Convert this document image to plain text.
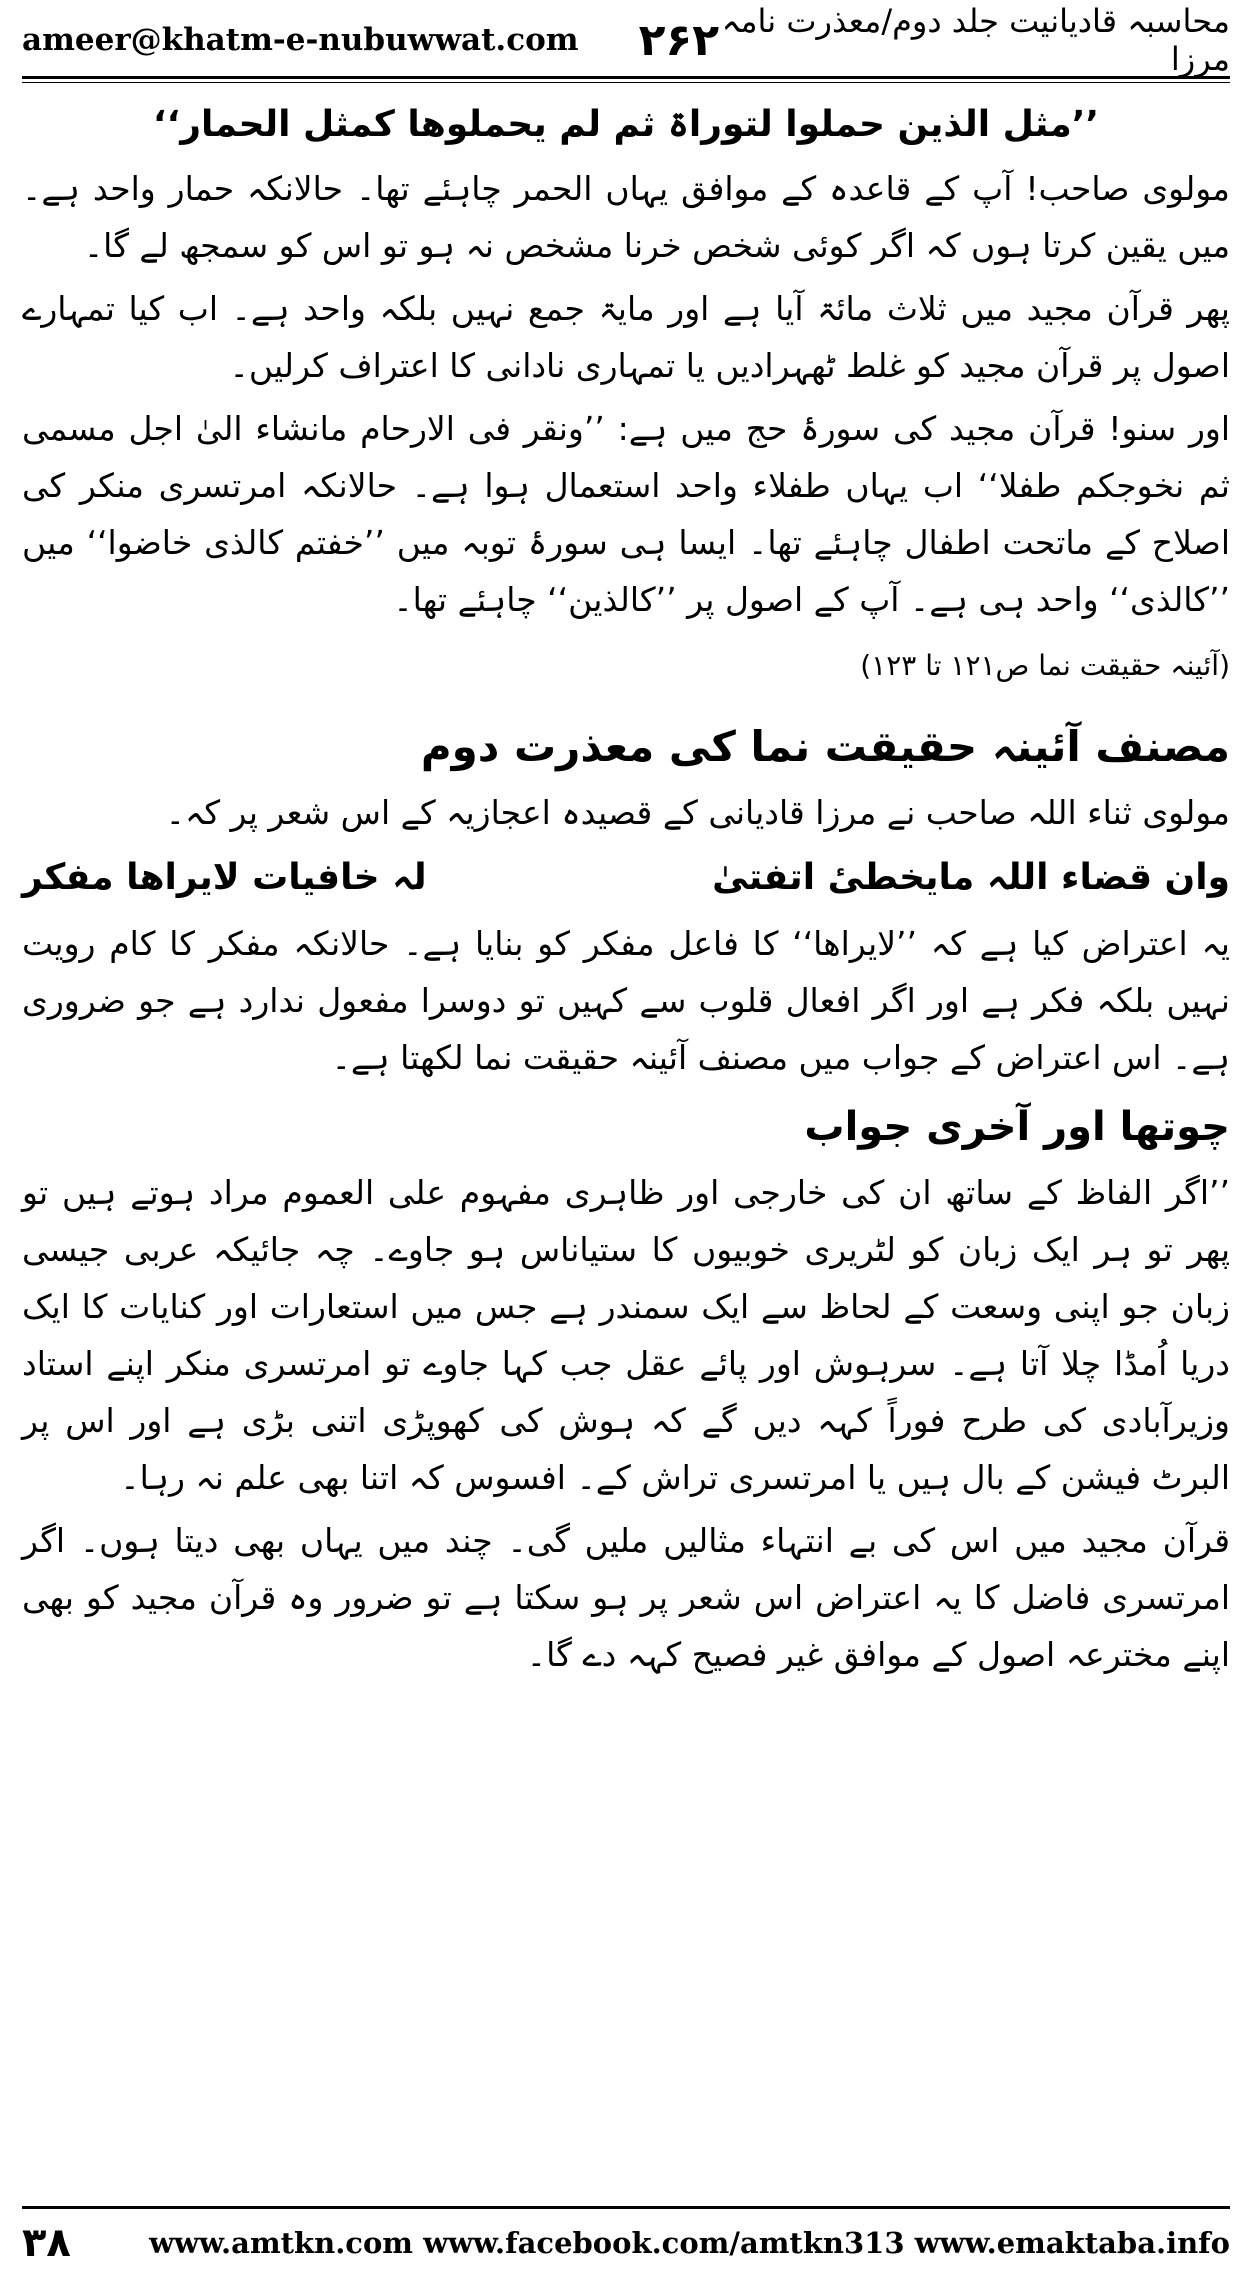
ameer@khatm-e-nubuwwat.com ۲۶۲ محاسبہ قادیانیت جلد دوم/معذرت نامہ مرزا

’’مثل الذین حملوا لتوراۃ ثم لم یحملوھا کمثل الحمار‘‘

مولوی صاحب! آپ کے قاعدہ کے موافق یہاں الحمر چاہئے تھا۔ حالانکہ حمار واحد ہے۔ میں یقین کرتا ہوں کہ اگر کوئی شخص خرنا مشخص نہ ہو تو اس کو سمجھ لے گا۔

پھر قرآن مجید میں ثلاث مائۃ آیا ہے اور مایۃ جمع نہیں بلکہ واحد ہے۔ اب کیا تمہارے اصول پر قرآن مجید کو غلط ٹھہرادیں یا تمہاری نادانی کا اعتراف کرلیں۔

اور سنو! قرآن مجید کی سورۂ حج میں ہے: ’’ونقر فی الارحام مانشاء الیٰ اجل مسمی ثم نخوجکم طفلا‘‘ اب یہاں طفلاء واحد استعمال ہوا ہے۔ حالانکہ امرتسری منکر کی اصلاح کے ماتحت اطفال چاہئے تھا۔ ایسا ہی سورۂ توبہ میں ’’خفتم کالذی خاضوا‘‘ میں ’’کالذی‘‘ واحد ہی ہے۔ آپ کے اصول پر ’’کالذین‘‘ چاہئے تھا۔

(آئینہ حقیقت نما ص۱۲۱ تا ۱۲۳)

مصنف آئینہ حقیقت نما کی معذرت دوم

مولوی ثناء اللہ صاحب نے مرزا قادیانی کے قصیدہ اعجازیہ کے اس شعر پر کہ۔

وان قضاء اللہ مایخطیٔ اتفتیٰ
لہ خافیات لایراھا مفکر

یہ اعتراض کیا ہے کہ ’’لایراھا‘‘ کا فاعل مفکر کو بنایا ہے۔ حالانکہ مفکر کا کام رویت نہیں بلکہ فکر ہے اور اگر افعال قلوب سے کہیں تو دوسرا مفعول ندارد ہے جو ضروری ہے۔ اس اعتراض کے جواب میں مصنف آئینہ حقیقت نما لکھتا ہے۔

چوتھا اور آخری جواب

’’اگر الفاظ کے ساتھ ان کی خارجی اور ظاہری مفہوم علی العموم مراد ہوتے ہیں تو پھر تو ہر ایک زبان کو لٹریری خوبیوں کا ستیاناس ہو جاوے۔ چہ جائیکہ عربی جیسی زبان جو اپنی وسعت کے لحاظ سے ایک سمندر ہے جس میں استعارات اور کنایات کا ایک دریا اُمڈا چلا آتا ہے۔ سرہوش اور پائے عقل جب کہا جاوے تو امرتسری منکر اپنے استاد وزیرآبادی کی طرح فوراً کہہ دیں گے کہ ہوش کی کھوپڑی اتنی بڑی ہے اور اس پر البرٹ فیشن کے بال ہیں یا امرتسری تراش کے۔ افسوس کہ اتنا بھی علم نہ رہا۔

قرآن مجید میں اس کی بے انتہاء مثالیں ملیں گی۔ چند میں یہاں بھی دیتا ہوں۔ اگر امرتسری فاضل کا یہ اعتراض اس شعر پر ہو سکتا ہے تو ضرور وہ قرآن مجید کو بھی اپنے مخترعہ اصول کے موافق غیر فصیح کہہ دے گا۔

۳۸	www.amtkn.com www.facebook.com/amtkn313 www.emaktaba.info
